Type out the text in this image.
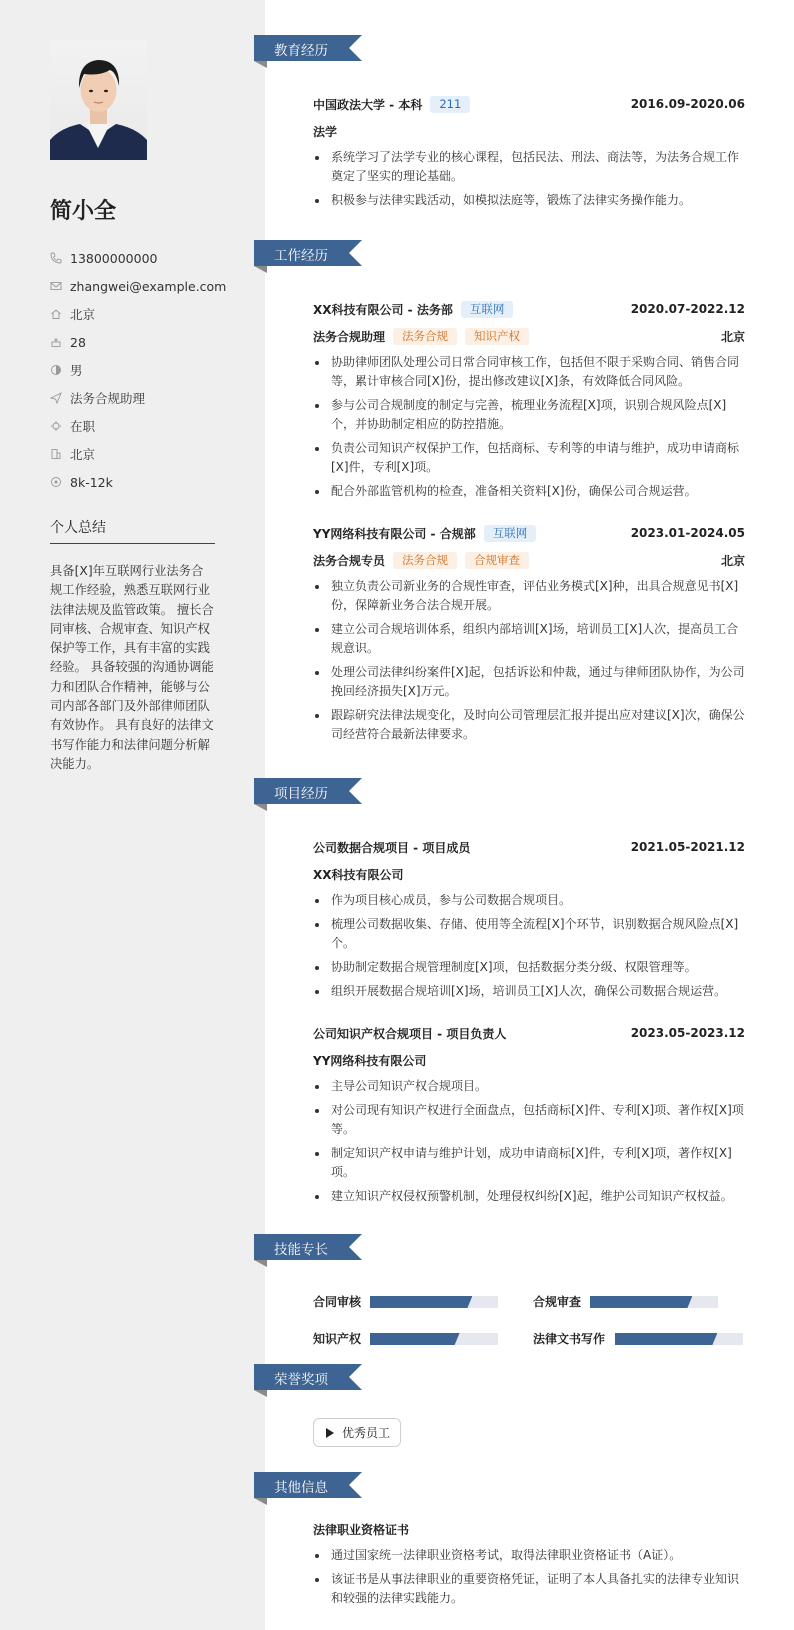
简小全
13800000000
zhangwei@example.com
北京
28
男
法务合规助理
在职
北京
8k-12k
个人总结
具备[X]年互联网行业法务合规工作经验，熟悉互联网行业法律法规及监管政策。 擅长合同审核、合规审查、知识产权保护等工作，具有丰富的实践经验。 具备较强的沟通协调能力和团队合作精神，能够与公司内部各部门及外部律师团队有效协作。 具有良好的法律文书写作能力和法律问题分析解决能力。
教育经历
工作经历
项目经历
技能专长
荣誉奖项
其他信息
中国政法大学 - 本科	211	2016.09-2020.06
法学
系统学习了法学专业的核心课程，包括民法、刑法、商法等，为法务合规工作奠定了坚实的理论基础。
积极参与法律实践活动，如模拟法庭等，锻炼了法律实务操作能力。
XX科技有限公司 - 法务部	互联网	2020.07-2022.12
法务合规助理	法务合规	知识产权	北京
协助律师团队处理公司日常合同审核工作，包括但不限于采购合同、销售合同等，累计审核合同[X]份，提出修改建议[X]条，有效降低合同风险。
参与公司合规制度的制定与完善，梳理业务流程[X]项，识别合规风险点[X]个，并协助制定相应的防控措施。
负责公司知识产权保护工作，包括商标、专利等的申请与维护，成功申请商标[X]件，专利[X]项。
配合外部监管机构的检查，准备相关资料[X]份，确保公司合规运营。
YY网络科技有限公司 - 合规部	互联网	2023.01-2024.05
法务合规专员	法务合规	合规审查	北京
独立负责公司新业务的合规性审查，评估业务模式[X]种，出具合规意见书[X]份，保障新业务合法合规开展。
建立公司合规培训体系，组织内部培训[X]场，培训员工[X]人次，提高员工合规意识。
处理公司法律纠纷案件[X]起，包括诉讼和仲裁，通过与律师团队协作，为公司挽回经济损失[X]万元。
跟踪研究法律法规变化，及时向公司管理层汇报并提出应对建议[X]次，确保公司经营符合最新法律要求。
公司数据合规项目 - 项目成员	2021.05-2021.12
XX科技有限公司
作为项目核心成员，参与公司数据合规项目。
梳理公司数据收集、存储、使用等全流程[X]个环节，识别数据合规风险点[X]个。
协助制定数据合规管理制度[X]项，包括数据分类分级、权限管理等。
组织开展数据合规培训[X]场，培训员工[X]人次，确保公司数据合规运营。
公司知识产权合规项目 - 项目负责人	2023.05-2023.12
YY网络科技有限公司
主导公司知识产权合规项目。
对公司现有知识产权进行全面盘点，包括商标[X]件、专利[X]项、著作权[X]项等。
制定知识产权申请与维护计划，成功申请商标[X]件，专利[X]项，著作权[X]项。
建立知识产权侵权预警机制，处理侵权纠纷[X]起，维护公司知识产权权益。
合同审核	合规审查
知识产权	法律文书写作
优秀员工
法律职业资格证书
通过国家统一法律职业资格考试，取得法律职业资格证书（A证）。
该证书是从事法律职业的重要资格凭证，证明了本人具备扎实的法律专业知识和较强的法律实践能力。
